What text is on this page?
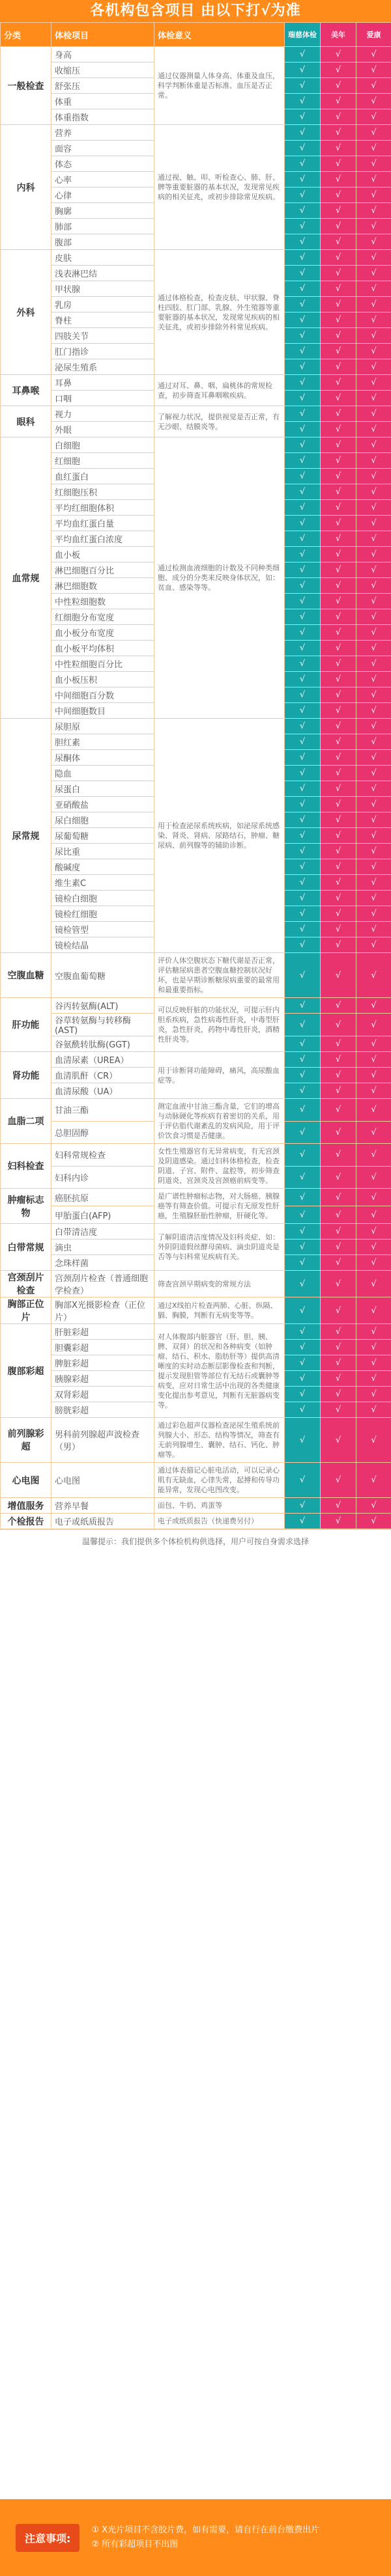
各机构包含项目 由以下打√为准
分类	体检项目	体检意义	瑞慈体检	美年	爱康
一般检查	身高	通过仪器测量人体身高、体重及血压，科学判断体重是否标准、血压是否正常。	√	√	√
	收缩压		√	√	√
	舒张压		√	√	√
	体重		√	√	√
	体重指数		√	√	√
内科	营养	通过视、触、叩、听检查心、肺、肝、脾等重要脏器的基本状况，发现常见疾病的相关征兆，或初步排除常见疾病。	√	√	√
	面容		√	√	√
	体态		√	√	√
	心率		√	√	√
	心律		√	√	√
	胸廓		√	√	√
	肺部		√	√	√
	腹部		√	√	√
外科	皮肤	通过体格检查，检查皮肤、甲状腺、脊柱四肢、肛门部、乳腺、外生殖器等重要脏器的基本状况，发现常见疾病的相关征兆，或初步排除外科常见疾病。	√	√	√
	浅表淋巴结		√	√	√
	甲状腺		√	√	√
	乳房		√	√	√
	脊柱		√	√	√
	四肢关节		√	√	√
	肛门指诊		√	√	√
	泌尿生殖系		√	√	√
耳鼻喉	耳鼻	通过对耳、鼻、咽、扁桃体的常规检查，初步筛查耳鼻咽喉疾病。	√	√	√
	口咽		√	√	√
眼科	视力	了解视力状况，提供视觉是否正常，有无沙眼、结膜炎等。	√	√	√
	外眼		√	√	√
血常规	白细胞	通过检测血液细胞的计数及不同种类细胞、成分的分类来反映身体状况，如：贫血、感染等等。	√	√	√
	红细胞		√	√	√
	血红蛋白		√	√	√
	红细胞压积		√	√	√
	平均红细胞体积		√	√	√
	平均血红蛋白量		√	√	√
	平均血红蛋白浓度		√	√	√
	血小板		√	√	√
	淋巴细胞百分比		√	√	√
	淋巴细胞数		√	√	√
	中性粒细胞数		√	√	√
	红细胞分布宽度		√	√	√
	血小板分布宽度		√	√	√
	血小板平均体积		√	√	√
	中性粒细胞百分比		√	√	√
	血小板压积		√	√	√
	中间细胞百分数		√	√	√
	中间细胞数目		√	√	√
尿常规	尿胆原	用于检查泌尿系统疾病，如泌尿系统感染、肾炎、肾病、尿路结石，肿瘤、糖尿病、前列腺等的辅助诊断。	√	√	√
	胆红素		√	√	√
	尿酮体		√	√	√
	隐血		√	√	√
	尿蛋白		√	√	√
	亚硝酸盐		√	√	√
	尿白细胞		√	√	√
	尿葡萄糖		√	√	√
	尿比重		√	√	√
	酸碱度		√	√	√
	维生素C		√	√	√
	镜检白细胞		√	√	√
	镜检红细胞		√	√	√
	镜检管型		√	√	√
	镜检结晶		√	√	√
空腹血糖	空腹血葡萄糖	评价人体空腹状态下糖代谢是否正常，评估糖尿病患者空腹血糖控制状况好坏，也是早期诊断糖尿病重要的最常用和最重要指标。	√	√	√
肝功能	谷丙转氨酶(ALT)	可以反映肝脏的功能状况，可提示肝内胆系疾病，急性病毒性肝炎，中毒型肝炎，急性肝炎，药物中毒性肝炎，酒精性肝炎等。	√	√	√
	谷草转氨酶与转移酶(AST)		√	√	√
	谷氨酰转肽酶(GGT)		√	√	√
肾功能	血清尿素（UREA）	用于诊断肾功能障碍，痛风，高尿酸血症等。	√	√	√
	血清肌酐（CR）		√	√	√
	血清尿酸（UA）		√	√	√
血脂二项	甘油三酯	测定血液中甘油三酯含量，它们的增高与动脉硬化等疾病有着密切的关系，用于评估脂代谢紊乱的发病风险，用于评价饮食习惯是否健康。	√	√	√
	总胆固醇		√	√	√
妇科检查	妇科常规检查	女性生殖器官有无异常病变，有无宫颈及阴道感染。通过妇科体格检查，检查阴道、子宫、附件、盆腔等，初步筛查阴道炎、宫颈炎及宫颈癌前病变等。	√	√	√
	妇科内诊		√	√	√
肿瘤标志物	癌胚抗原	是广谱性肿瘤标志物，对大肠癌、胰腺癌等有筛查价值。可提示有无原发性肝癌，生殖腺胚胎性肿瘤，肝硬化等。	√	√	√
	甲胎蛋白(AFP)		√	√	√
白带常规	白带清洁度	了解阴道清洁度情况及妇科炎症、如：外阴阴道假丝酵母菌病、滴虫阴道炎是否等与妇科常见疾病有关。	√	√	√
	滴虫		√	√	√
	念珠样菌		√	√	√
宫颈刮片检查	宫颈刮片检查（普通细胞学检查）	筛查宫颈早期病变的常规方法	√	√	√
胸部正位片	胸部X光摄影检查（正位片）	通过X线拍片检查两肺、心脏、纵隔、膈、胸膜，判断有无病变等等。	√	√	√
腹部彩超	肝脏彩超	对人体腹部内脏器官（肝、胆、胰、脾、双肾）的状况和各种病变（如肿瘤、结石、积水、脂肪肝等）提供高清晰度的实时动态断层影像检查和判断，提示发现胆管等部位有无结石或囊肿等病变，应对日常生活中出现的各类健康变化提出参考意见，判断有无脏器病变等。	√	√	√
	胆囊彩超		√	√	√
	脾脏彩超		√	√	√
	胰腺彩超		√	√	√
	双肾彩超		√	√	√
	膀胱彩超		√	√	√
前列腺彩超	男科前列腺超声波检查（男）	通过彩色超声仪器检查泌尿生殖系统前列腺大小、形态、结构等情况，筛查有无前列腺增生、囊肿、结石、钙化、肿瘤等。	√	√	√
心电图	心电图	通过体表描记心脏电活动，可以记录心肌有无缺血，心律失常，起搏和传导功能异常，发现心电图改变。	√	√	√
增值服务	营养早餐	面包、牛奶、鸡蛋等	√	√	√
个检报告	电子或纸质报告	电子或纸质报告（快递费另付）	√	√	√
温馨提示：我们提供多个体检机构供选择，用户可按自身需求选择
注意事项:
① X光片项目不含胶片费，如有需要，请自行在前台缴费出片
② 所有彩超项目不出图
